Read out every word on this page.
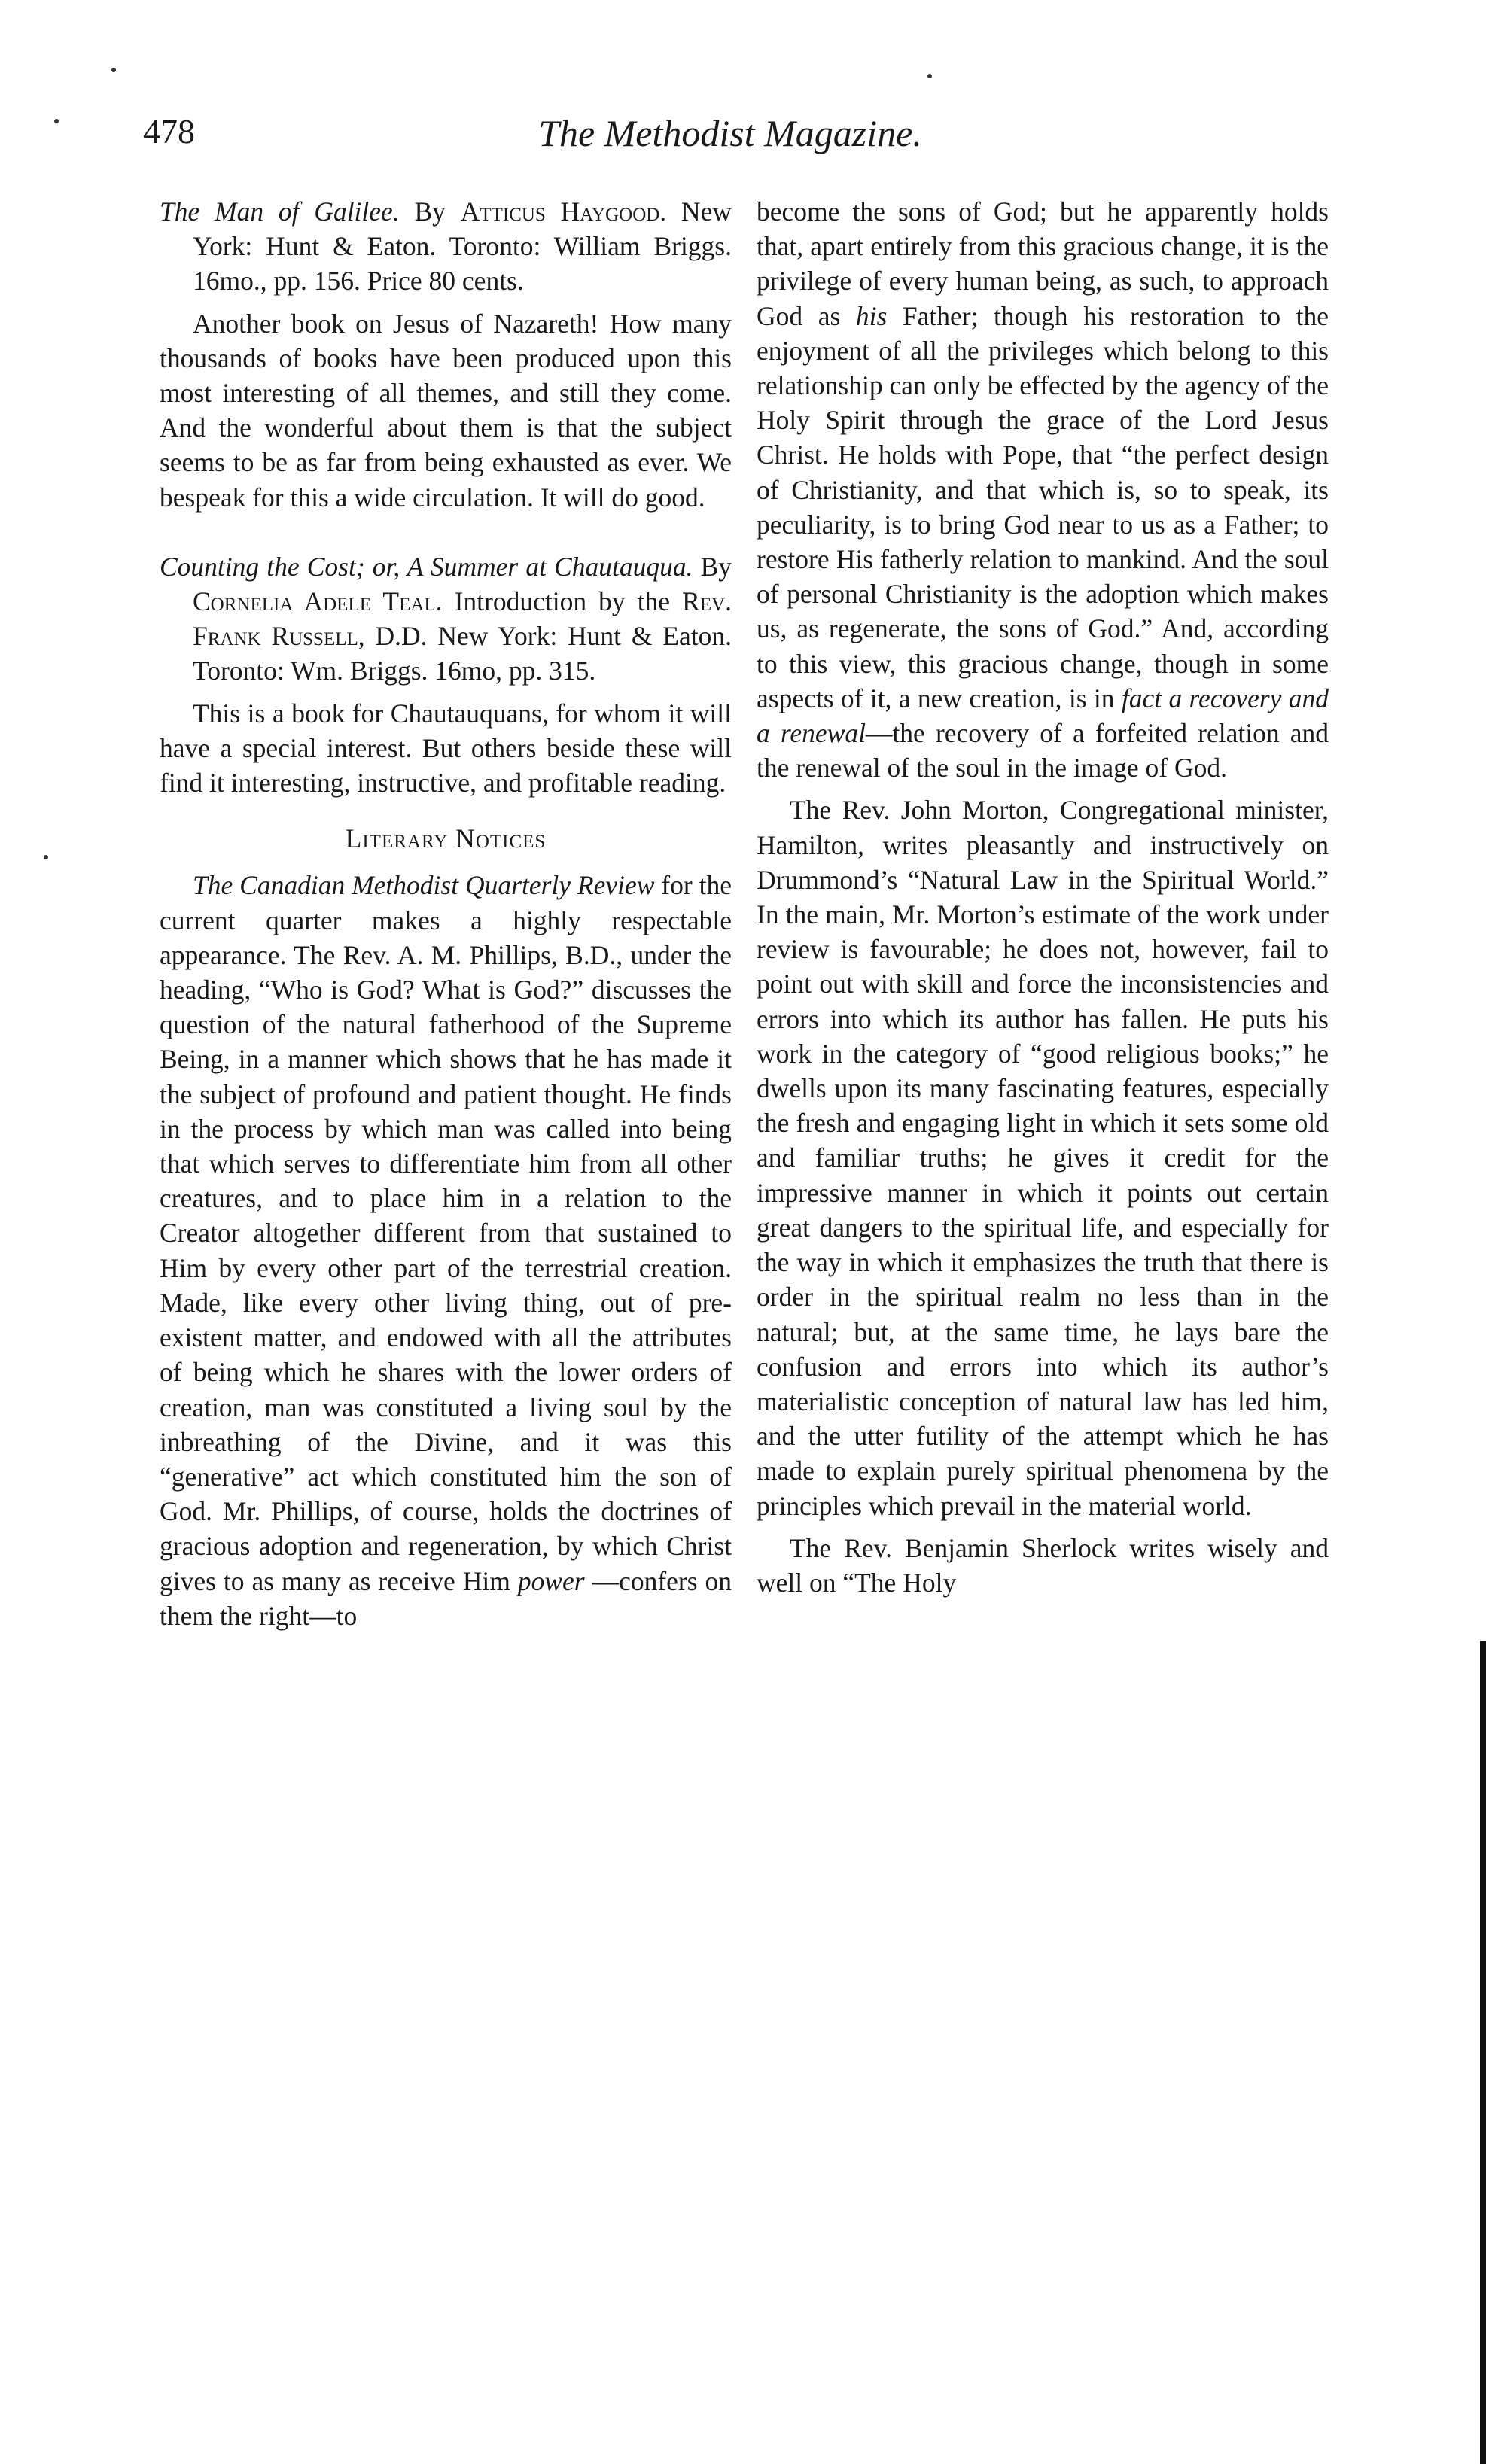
478	The Methodist Magazine.

The Man of Galilee. By Atticus Haygood. New York: Hunt & Eaton. Toronto: William Briggs. 16mo., pp. 156. Price 80 cents.

Another book on Jesus of Nazareth! How many thousands of books have been produced upon this most interesting of all themes, and still they come. And the wonderful about them is that the subject seems to be as far from being exhausted as ever. We bespeak for this a wide circulation. It will do good.

Counting the Cost; or, A Summer at Chautauqua. By Cornelia Adele Teal. Introduction by the Rev. Frank Russell, D.D. New York: Hunt & Eaton. Toronto: Wm. Briggs. 16mo, pp. 315.

This is a book for Chautauquans, for whom it will have a special interest. But others beside these will find it interesting, instructive, and profitable reading.

Literary Notices

The Canadian Methodist Quarterly Review for the current quarter makes a highly respectable appearance. The Rev. A. M. Phillips, B.D., under the heading, “Who is God? What is God?” discusses the question of the natural fatherhood of the Supreme Being, in a manner which shows that he has made it the subject of profound and patient thought. He finds in the process by which man was called into being that which serves to differentiate him from all other creatures, and to place him in a relation to the Creator altogether different from that sustained to Him by every other part of the terrestrial creation. Made, like every other living thing, out of pre-existent matter, and endowed with all the attributes of being which he shares with the lower orders of creation, man was constituted a living soul by the inbreathing of the Divine, and it was this “generative” act which constituted him the son of God. Mr. Phillips, of course, holds the doctrines of gracious adoption and regeneration, by which Christ gives to as many as receive Him power —confers on them the right—to

become the sons of God; but he apparently holds that, apart entirely from this gracious change, it is the privilege of every human being, as such, to approach God as his Father; though his restoration to the enjoyment of all the privileges which belong to this relationship can only be effected by the agency of the Holy Spirit through the grace of the Lord Jesus Christ. He holds with Pope, that “the perfect design of Christianity, and that which is, so to speak, its peculiarity, is to bring God near to us as a Father; to restore His fatherly relation to mankind. And the soul of personal Christianity is the adoption which makes us, as regenerate, the sons of God.” And, according to this view, this gracious change, though in some aspects of it, a new creation, is in fact a recovery and a renewal—the recovery of a forfeited relation and the renewal of the soul in the image of God.

The Rev. John Morton, Congregational minister, Hamilton, writes pleasantly and instructively on Drummond’s “Natural Law in the Spiritual World.” In the main, Mr. Morton’s estimate of the work under review is favourable; he does not, however, fail to point out with skill and force the inconsistencies and errors into which its author has fallen. He puts his work in the category of “good religious books;” he dwells upon its many fascinating features, especially the fresh and engaging light in which it sets some old and familiar truths; he gives it credit for the impressive manner in which it points out certain great dangers to the spiritual life, and especially for the way in which it emphasizes the truth that there is order in the spiritual realm no less than in the natural; but, at the same time, he lays bare the confusion and errors into which its author’s materialistic conception of natural law has led him, and the utter futility of the attempt which he has made to explain purely spiritual phenomena by the principles which prevail in the material world.

The Rev. Benjamin Sherlock writes wisely and well on “The Holy
